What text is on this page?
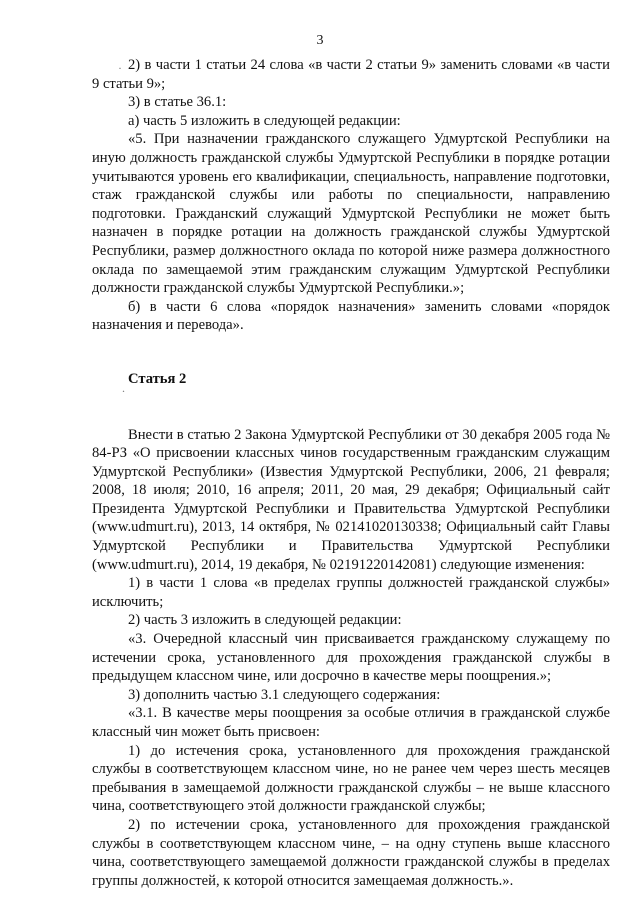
3
·
.

2) в части 1 статьи 24 слова «в части 2 статьи 9» заменить словами «в части 9 статьи 9»;

3) в статье 36.1:

а) часть 5 изложить в следующей редакции:

«5. При назначении гражданского служащего Удмуртской Республики на иную должность гражданской службы Удмуртской Республики в порядке ротации учитываются уровень его квалификации, специальность, направление подготовки, стаж гражданской службы или работы по специальности, направлению подготовки. Гражданский служащий Удмуртской Республики не может быть назначен в порядке ротации на должность гражданской службы Удмуртской Республики, размер должностного оклада по которой ниже размера должностного оклада по замещаемой этим гражданским служащим Удмуртской Республики должности гражданской службы Удмуртской Республики.»;

б) в части 6 слова «порядок назначения» заменить словами «порядок назначения и перевода».

Статья 2

Внести в статью 2 Закона Удмуртской Республики от 30 декабря 2005 года № 84-РЗ «О присвоении классных чинов государственным гражданским служащим Удмуртской Республики» (Известия Удмуртской Республики, 2006, 21 февраля; 2008, 18 июля; 2010, 16 апреля; 2011, 20 мая, 29 декабря; Официальный сайт Президента Удмуртской Республики и Правительства Удмуртской Республики (www.udmurt.ru), 2013, 14 октября, № 02141020130338; Официальный сайт Главы Удмуртской Республики и Правительства Удмуртской Республики (www.udmurt.ru), 2014, 19 декабря, № 02191220142081) следующие изменения:

1) в части 1 слова «в пределах группы должностей гражданской службы» исключить;

2) часть 3 изложить в следующей редакции:

«3. Очередной классный чин присваивается гражданскому служащему по истечении срока, установленного для прохождения гражданской службы в предыдущем классном чине, или досрочно в качестве меры поощрения.»;

3) дополнить частью 3.1 следующего содержания:

«3.1. В качестве меры поощрения за особые отличия в гражданской службе классный чин может быть присвоен:

1) до истечения срока, установленного для прохождения гражданской службы в соответствующем классном чине, но не ранее чем через шесть месяцев пребывания в замещаемой должности гражданской службы – не выше классного чина, соответствующего этой должности гражданской службы;

2) по истечении срока, установленного для прохождения гражданской службы в соответствующем классном чине, – на одну ступень выше классного чина, соответствующего замещаемой должности гражданской службы в пределах группы должностей, к которой относится замещаемая должность.».
